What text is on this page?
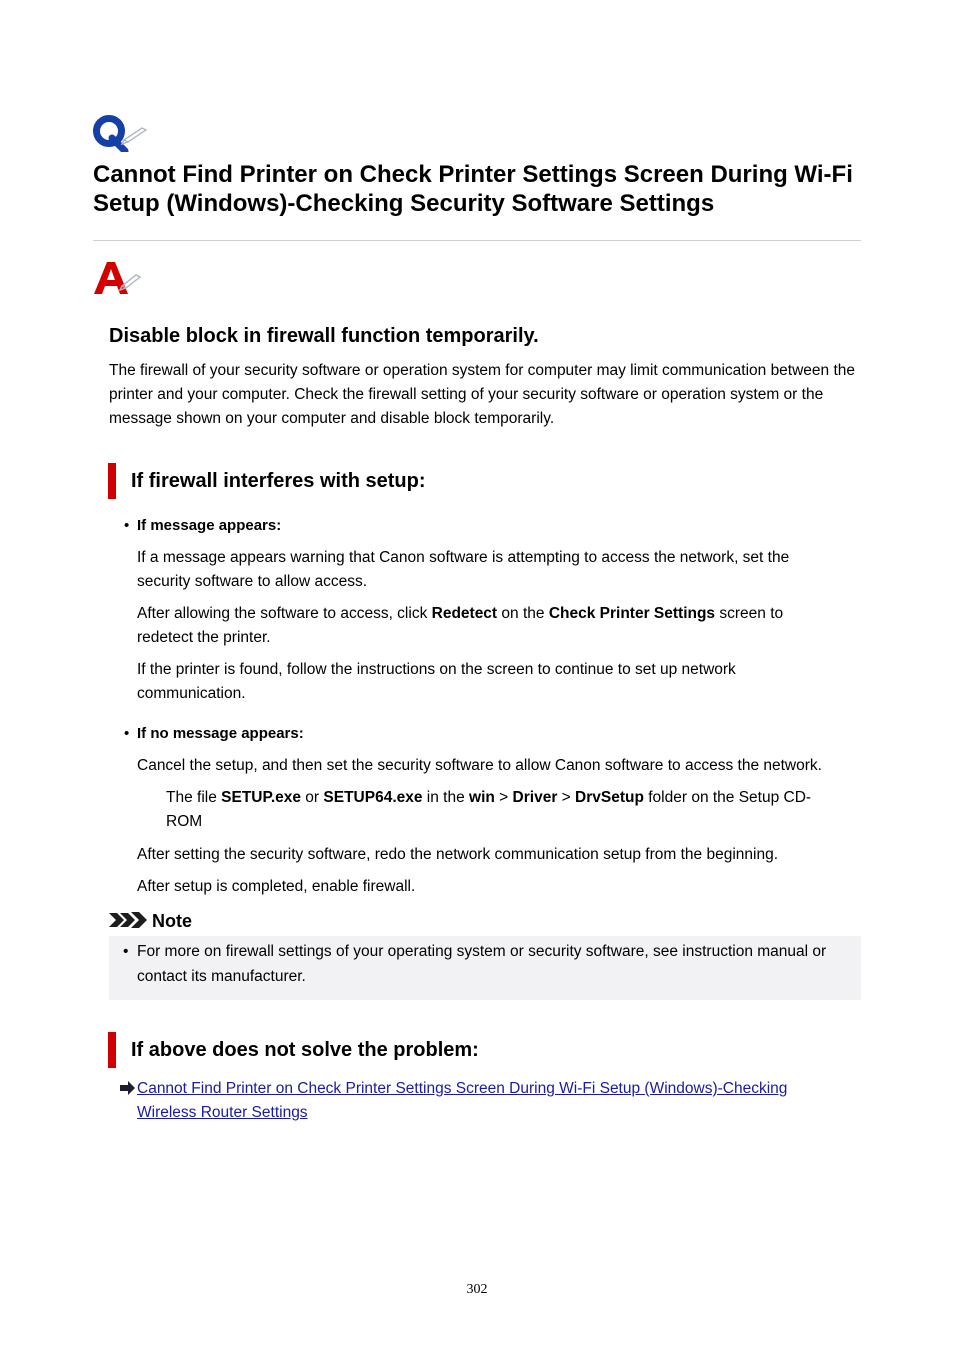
Cannot Find Printer on Check Printer Settings Screen During Wi-Fi Setup (Windows)-Checking Security Software Settings
Disable block in firewall function temporarily.

The firewall of your security software or operation system for computer may limit communication between the printer and your computer. Check the firewall setting of your security software or operation system or the message shown on your computer and disable block temporarily.

If firewall interferes with setup:

• If message appears:

If a message appears warning that Canon software is attempting to access the network, set the security software to allow access.

After allowing the software to access, click Redetect on the Check Printer Settings screen to redetect the printer.

If the printer is found, follow the instructions on the screen to continue to set up network communication.

• If no message appears:

Cancel the setup, and then set the security software to allow Canon software to access the network.

The file SETUP.exe or SETUP64.exe in the win > Driver > DrvSetup folder on the Setup CD-ROM

After setting the security software, redo the network communication setup from the beginning.

After setup is completed, enable firewall.

Note

• For more on firewall settings of your operating system or security software, see instruction manual or contact its manufacturer.

If above does not solve the problem:
Cannot Find Printer on Check Printer Settings Screen During Wi-Fi Setup (Windows)-Checking Wireless Router Settings
302
